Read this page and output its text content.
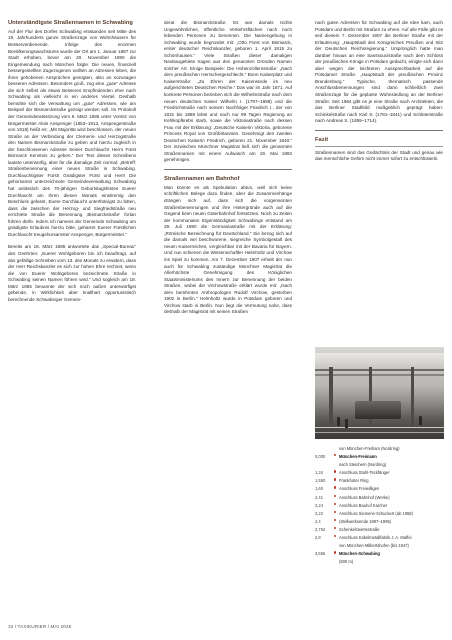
Unterständigste Straßennamen in Schwabing

Auf der Flur des Dorfes Schwabing entstanden seit Mitte des 19. Jahrhunderts ganze Straßenzüge von Wohnhäusern für Besserverdienende. Infolge des enormen Bevölkerungswachstums wurde der Ort am 1. Januar 1887 zur Stadt erhoben, bevor am 20. November 1890 die Eingemeindung nach München folgte. Die neuen, finanziell bessergestellten Zugezogenen wollten an Adressen leben, die ihren gehobenen Ansprüchen genügten, also an sozusagen besseren Adressen. Besonders groß, zog eine „gute“ Adresse die sich selbst als etwas Besseres Empfindenden eher nach Schwabing als vielleicht in ein anderes Viertel. Deshalb bemühte sich die Verwaltung um „gute“ Adressen, wie am Beispiel der Bismarckstraße gezeigt werden soll. Im Protokoll der Gemeinderatssitzung vom 9. März 1885 unter Vorsitz von Bürgermeister Alois Anspenger (1853–1913, Anspengerstraße von 1918) heißt es: „Mit Majorität wird beschlossen, der neuen Straße an der Verbindung der Clemens- und Herzogstraße den Namen Bismarckstraße zu geben und hierzu zugleich in der beschlossenen Adresse Seiner Durchlaucht Herrn Fürst Bismarck Kenntnis zu geben.“ Der Text dieses Schreibens lautete unterwürfig, aber für die damalige Zeit normal: „Betreff: Straßenbenennung einer neuen Straße in Schwabing. Durchlauchtigster Fürst! Gnädigster Fürst und Herr! Die gehorsamst unterzeichnete Gemeindeverwaltung Schwabing hat anlässlich des 70-jährigen Geburtstagsfestes Euerer Durchlaucht am Ihren diesen Monats einstimmig den Beschluss gefasst, Euere Durchlaucht unterthänigst zu bitten, dass die zwischen der Herzog- und Siegfriedstraße neu errichtete Straße die Benennung ‚Bismarckstraße‘ fortan führen dürfe. Indem ich namens der Gemeinde Schwabing um gnädigste Erlaubnis hierzu bitte, geharret Euerer Fürstlichen Durchlaucht treugehorsamster Anspenger, Bürgermeister.“

Bereits am 18. März 1885 antwortete das „Special-Bureau“ des Geehrten: „Euerer Wohlgeboren bin ich beauftragt, auf das gefällige Schreiben vom 13. des Monats zu erwidern, dass der Herr Reichskanzler es sich zur hohen Ehre rechnet, wenn die von Euerer Wohlgeboren bezeichnete Straße in Schwabing seinen Namen führen wird.“ Und sogleich am 18. März 1885 benannte der sich noch außen unterwürfigst gebende, in Wirklichkeit aber knallhart opportunistisch berechnende Schwabinger Gemein-

derat die Bismarckstraße. Es war damals nichts Ungewöhnliches, öffentliche Verkehrsflächen nach noch lebenden Personen zu benennen. Die Namengebung in Schwabing wurde begründet mit: „Otto Fürst von Bismarck, erster deutscher Reichskanzler, geboren 1. April 1815 zu Schönhausen.“ Viele Straßen dieser damaligen Neubaugebiete tragen aus den genannten Gründen Namen solcher Art. Einige Beispiele: Die Hohenzollernstraße: „Nach dem preußischen Herrschergeschlecht.“ Bonn Kaiserplatz und Kaiserstraße: „Zu Ehren der Kaiserwürde im neu aufgerichteten Deutschen Reiche.“ Das war im Jahr 1871. Auf konkrete Personen bezieben sich die Wilhelmstraße nach dem neuen deutschen Kaiser Wilhelm I. (1797–1888) und die Friedrichstraße nach seinem Nachfolger Friedrich I., der von 1831 bis 1888 lebte und nach nur 99 Tagen Regierung an Kehlkopfkrebs starb, sowie die Viktoriastraße nach dessen Frau mit der Erklärung: „Deutsche Kaiserin Viktoria, geborene Princess Royal von Großbritannien. Genehmigt den zweiten Deutschen Kaiserin Friedrich, geboren 21. November 1840.“ Der inzwischen Münchner Magistrat ließ sich die genannten Straßennamen mit einem Aufwasch am 19. Mai 1893 genehmigen.

Straßennamen am Bahnhof

Man könnte es als Spekulation abtun, weil sich keine schriftlichen Belege dazu finden, aber die Zusammenhänge drängen sich auf, dass sich die vorgenannten Straßenbenennungen und ihre Hintergründe auch auf die Gegend beim neuen Güterbahnhof fortsetzten. Noch zu Zeiten der kommunalen Eigenständigkeit Schwabings entstand am 29. Juli 1890 die Germaniastraße mit der Erklärung: „Römische Bezeichnung für Deutschland.“ Sie bezog sich auf die damals viel beschworene, siegreiche Symbolgestalt des neuen Kaiserreiches, vergleichbar mit der Bavaria für Bayern. Und nun schienen die Wissenschaftler Helmholtz und Virchow ins Spiel zu kommen. Am 7. Dezember 1907 erhielt der nun auch für Schwabing zuständige Münchner Magistrat die Allerhöchste Genehmigung des Königlichen Staatsministeriums des Innern zur Benennung der beiden Straßen, wobei die Virchowstraße erklärt wurde mit: „Nach dem berühmten Anthropologen Rudolf Virchow, gestorben 1902 in Berlin.“ Helmholtz wurde in Potsdam geboren und Virchow starb in Berlin. Nun liegt die Vermutung nahe, dass deshalb der Magistrat mit seinen Straßen

nach guten Adressen für Schwabing auf die Idee kam, auch Potsdam und Berlin mit Straßen zu ehren. Auf alle Fälle gibt es seit diesem 7. Dezember 1907 die Berliner Straße mit der Erläuterung: „Hauptstadt des Königreiches Preußen und Sitz der Deutschen Reichsregierung.“ Ursprünglich hatte man darüber hinaus an eine Sanssoucistraße nach dem Schloss der preußischen Könige in Potsdam gedacht, einigte sich dann aber wegen der leichteren Aussprechbarkeit auf die Potsdamer Straße: „Hauptstadt der preußischen Provinz Brandenburg.“ Typische, thematisch passende Anschlussbenennungen sind dann schließlich zwei Straßenzüge für die geplante Wohnsiedlung an der Berliner Straße: Seit 1984 gibt es je eine Straße nach Architekten, die das Berliner Stadtbild maßgeblich geprägt haben: Schinkelstraße nach Karl S. (1781–1841) und Schlüterstraße nach Andreas S. (1659–1714).

Fazit

Straßennamen sind das Gedächtnis der Stadt und genau wie das menschliche Gehirn nicht immer sofort zu entschlüsseln.

von München-Freiham (Nordring)
0,000	München-Freimann
nach Steinhern (Nordring)
1,34	Anschluss Stahl-Teckfänger
1,550	Frankfurter Ring
1,60	Anschluss Freiwilligen
2,41	Anschluss Bahnhof (Werke)
2,24	Anschluss Bauhof Karcher
2,22	Anschluss Siemens-Schuckert (ab 1958)
2,4	(Stellwerksende 1987–1995)
2,762	Schenkelzwertestraße
2,8	Anschluss Kabelmetallfabrik J. A. Maffei
von München-Milbertshofen (bis 1947)
3,556	München-Schwabing
(500 m)
32 / TAXIKURIER / MAI 2025
